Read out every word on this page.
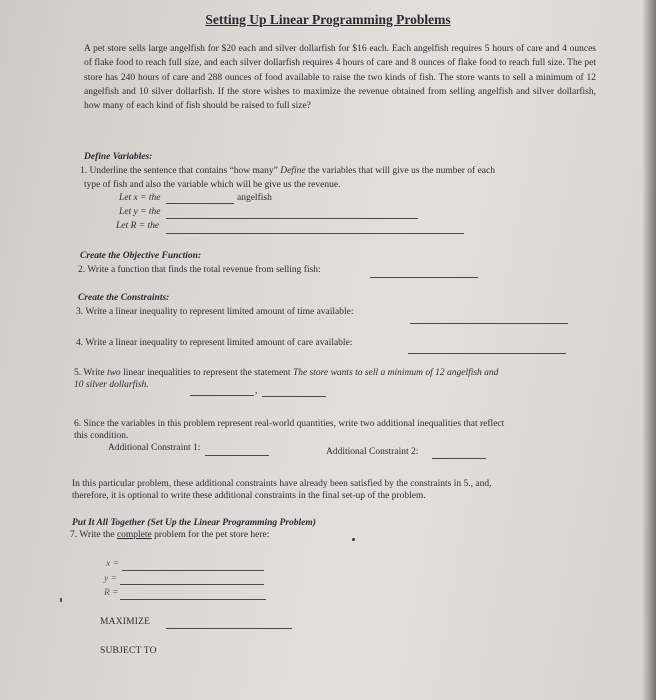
Setting Up Linear Programming Problems
A pet store sells large angelfish for $20 each and silver dollarfish for $16 each. Each angelfish requires 5 hours of care and 4 ounces of flake food to reach full size, and each silver dollarfish requires 4 hours of care and 8 ounces of flake food to reach full size. The pet store has 240 hours of care and 288 ounces of food available to raise the two kinds of fish. The store wants to sell a minimum of 12 angelfish and 10 silver dollarfish. If the store wishes to maximize the revenue obtained from selling angelfish and silver dollarfish, how many of each kind of fish should be raised to full size?
Define Variables:
1. Underline the sentence that contains “how many” Define the variables that will give us the number of each
type of fish and also the variable which will be give us the revenue.
Let x = the	angelfish
Let y = the
Let R = the
Create the Objective Function:
2. Write a function that finds the total revenue from selling fish:
Create the Constraints:
3. Write a linear inequality to represent limited amount of time available:
4. Write a linear inequality to represent limited amount of care available:
5. Write two linear inequalities to represent the statement The store wants to sell a minimum of 12 angelfish and
10 silver dollarfish.
,
6. Since the variables in this problem represent real-world quantities, write two additional inequalities that reflect
this condition.
Additional Constraint 1:	Additional Constraint 2:
In this particular problem, these additional constraints have already been satisfied by the constraints in 5., and,
therefore, it is optional to write these additional constraints in the final set-up of the problem.
Put It All Together (Set Up the Linear Programming Problem)
7. Write the complete problem for the pet store here:
x =
y =
R =
MAXIMIZE
SUBJECT TO
